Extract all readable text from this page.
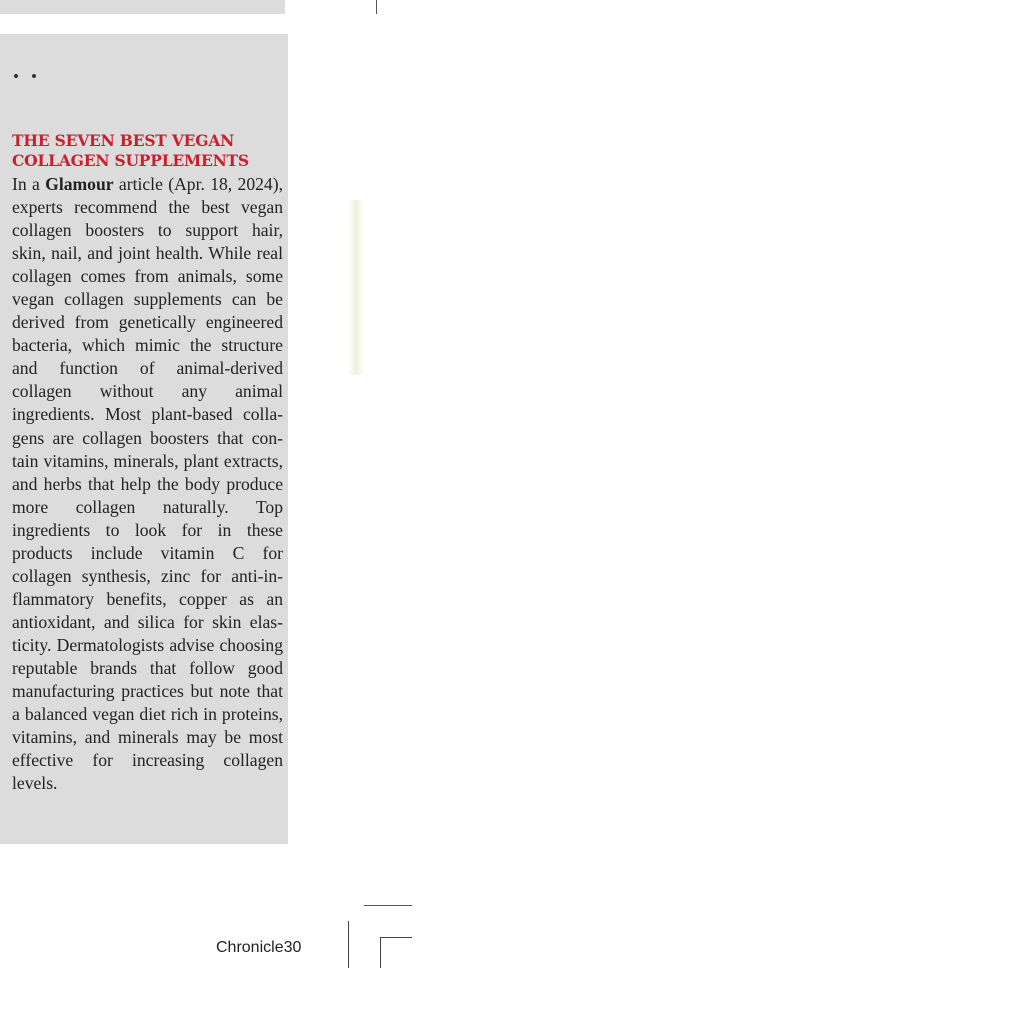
THE SEVEN BEST VEGAN
COLLAGEN SUPPLEMENTS

In a Glamour article (Apr. 18, 2024), experts recommend the best vegan collagen boosters to support hair, skin, nail, and joint health. While real collagen comes from animals, some vegan collagen supplements can be derived from genetically engineered bacteria, which mimic the structure and function of animal-derived collagen without any animal ingredients. Most plant-based collagens are collagen boosters that contain vitamins, minerals, plant extracts, and herbs that help the body produce more collagen naturally. Top ingredients to look for in these products include vitamin C for collagen synthesis, zinc for anti-inflammatory benefits, copper as an antioxidant, and silica for skin elasticity. Dermatologists advise choosing reputable brands that follow good manufacturing practices but note that a balanced vegan diet rich in proteins, vitamins, and minerals may be most effective for increasing collagen levels.

Chronicle30
